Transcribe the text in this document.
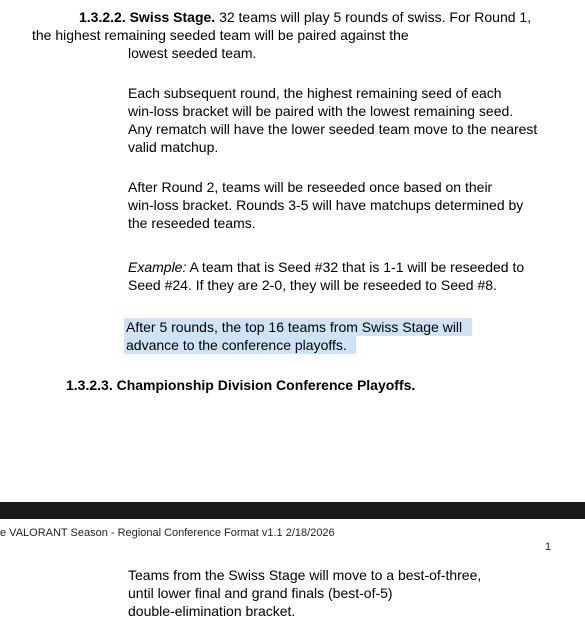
1.3.2.2. Swiss Stage. 32 teams will play 5 rounds of swiss. For Round 1,
the highest remaining seeded team will be paired against the
lowest seeded team.
Each subsequent round, the highest remaining seed of each
win-loss bracket will be paired with the lowest remaining seed.
Any rematch will have the lower seeded team move to the nearest
valid matchup.
After Round 2, teams will be reseeded once based on their
win-loss bracket. Rounds 3-5 will have matchups determined by
the reseeded teams.
Example: A team that is Seed #32 that is 1-1 will be reseeded to
Seed #24. If they are 2-0, they will be reseeded to Seed #8.
After 5 rounds, the top 16 teams from Swiss Stage will
advance to the conference playoffs.
1.3.2.3. Championship Division Conference Playoffs.
e VALORANT Season - Regional Conference Format v1.1 2/18/2026
1
Teams from the Swiss Stage will move to a best-of-three,
until lower final and grand finals (best-of-5)
double-elimination bracket.
